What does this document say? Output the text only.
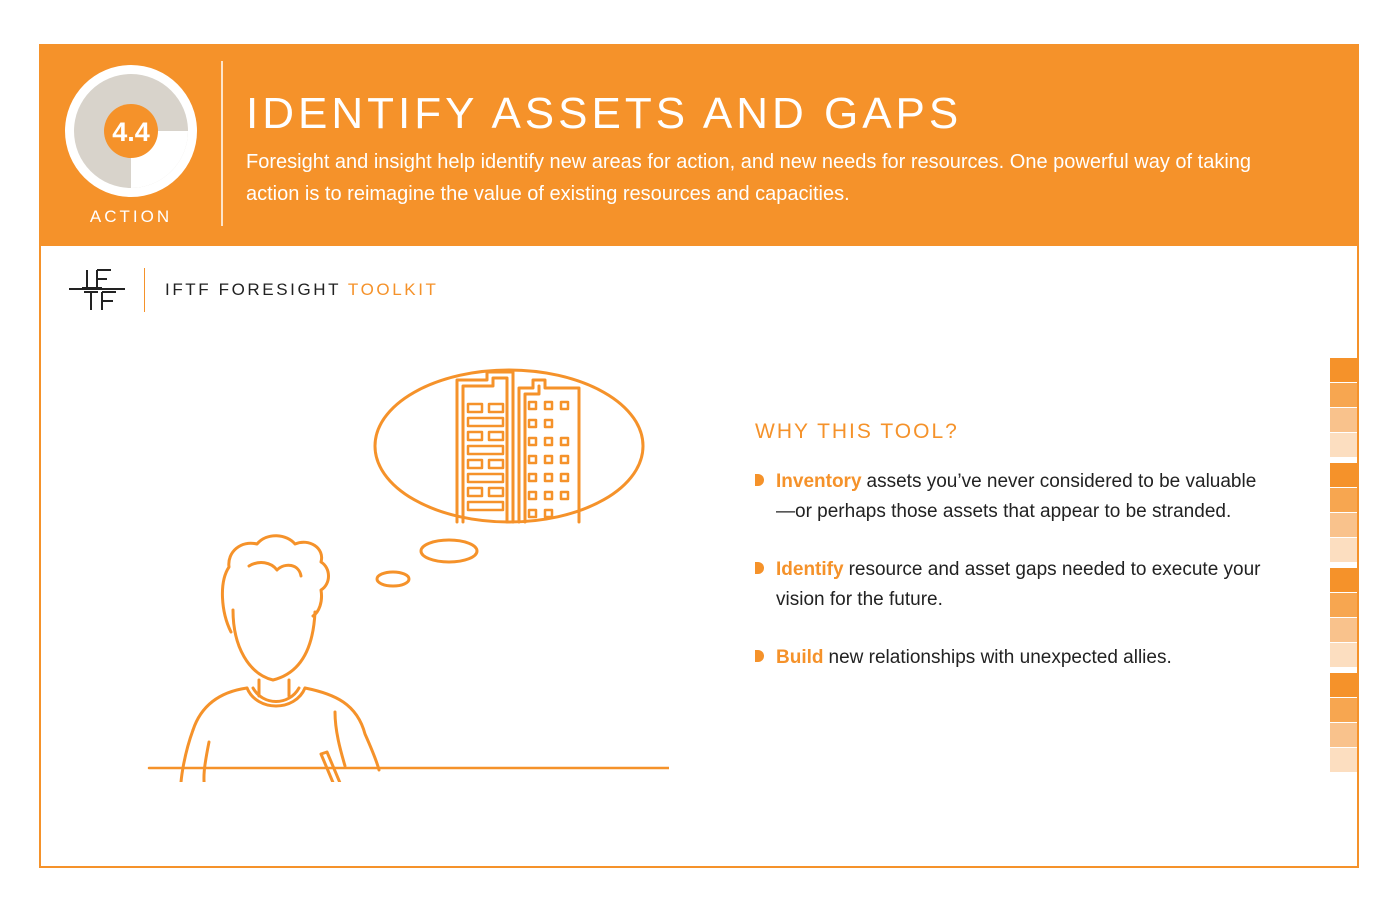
4.4
ACTION
IDENTIFY ASSETS AND GAPS

Foresight and insight help identify new areas for action, and new needs for resources. One powerful way of taking action is to reimagine the value of existing resources and capacities.

IFTF FORESIGHT TOOLKIT
WHY THIS TOOL?
Inventory assets you’ve never considered to be valuable—or perhaps those assets that appear to be stranded.
Identify resource and asset gaps needed to execute your vision for the future.
Build new relationships with unexpected allies.
